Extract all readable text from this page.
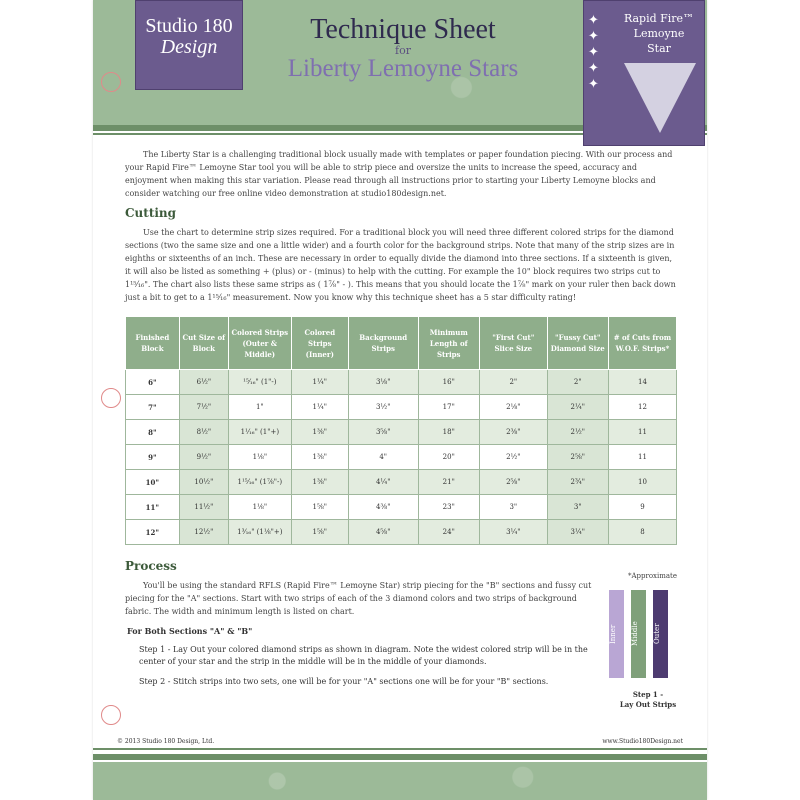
Studio 180
Design
Technique Sheet
for
Liberty Lemoyne Stars
✦
✦
✦
✦
✦
Rapid Fire™
Lemoyne
Star

The Liberty Star is a challenging traditional block usually made with templates or paper foundation piecing. With our process and your Rapid Fire™ Lemoyne Star tool you will be able to strip piece and oversize the units to increase the speed, accuracy and enjoyment when making this star variation. Please read through all instructions prior to starting your Liberty Lemoyne blocks and consider watching our free online video demonstration at studio180design.net.

Cutting

Use the chart to determine strip sizes required. For a traditional block you will need three different colored strips for the diamond sections (two the same size and one a little wider) and a fourth color for the background strips. Note that many of the strip sizes are in eighths or sixteenths of an inch. These are necessary in order to equally divide the diamond into three sections. If a sixteenth is given, it will also be listed as something + (plus) or - (minus) to help with the cutting. For example the 10" block requires two strips cut to 1¹⁵⁄₁₆". The chart also lists these same strips as ( 1⅞" - ). This means that you should locate the 1⅞" mark on your ruler then back down just a bit to get to a 1¹⁵⁄₁₆" measurement. Now you know why this technique sheet has a 5 star difficulty rating!

Finished Block	Cut Size of Block	Colored Strips (Outer & Middle)	Colored Strips (Inner)	Background Strips	Minimum Length of Strips	"First Cut" Slice Size	"Fussy Cut" Diamond Size	# of Cuts from W.O.F. Strips*
6"	6½"	¹⁵⁄₁₆" (1"-)	1¼"	3⅛"	16"	2"	2"	14
7"	7½"	1"	1¼"	3½"	17"	2⅛"	2¼"	12
8"	8½"	1¹⁄₁₆" (1"+)	1⅜"	3⅝"	18"	2⅜"	2½"	11
9"	9½"	1⅛"	1⅜"	4"	20"	2½"	2⅝"	11
10"	10½"	1¹⁵⁄₁₆" (1⅞"-)	1⅜"	4¼"	21"	2⅝"	2¾"	10
11"	11½"	1⅛"	1⅝"	4⅜"	23"	3"	3"	9
12"	12½"	1³⁄₁₆" (1⅛"+)	1⅝"	4⅝"	24"	3¼"	3¼"	8
Process

You'll be using the standard RFLS (Rapid Fire™ Lemoyne Star) strip piecing for the "B" sections and fussy cut piecing for the "A" sections. Start with two strips of each of the 3 diamond colors and two strips of background fabric. The width and minimum length is listed on chart.

For Both Sections "A" & "B"
Step 1 - Lay Out your colored diamond strips as shown in diagram. Note the widest colored strip will be in the center of your star and the strip in the middle will be in the middle of your diamonds.
Step 2 - Stitch strips into two sets, one will be for your "A" sections one will be for your "B" sections.
*Approximate
Inner	Middle	Outer
Step 1 -
Lay Out Strips
© 2013 Studio 180 Design, Ltd.	www.Studio180Design.net
